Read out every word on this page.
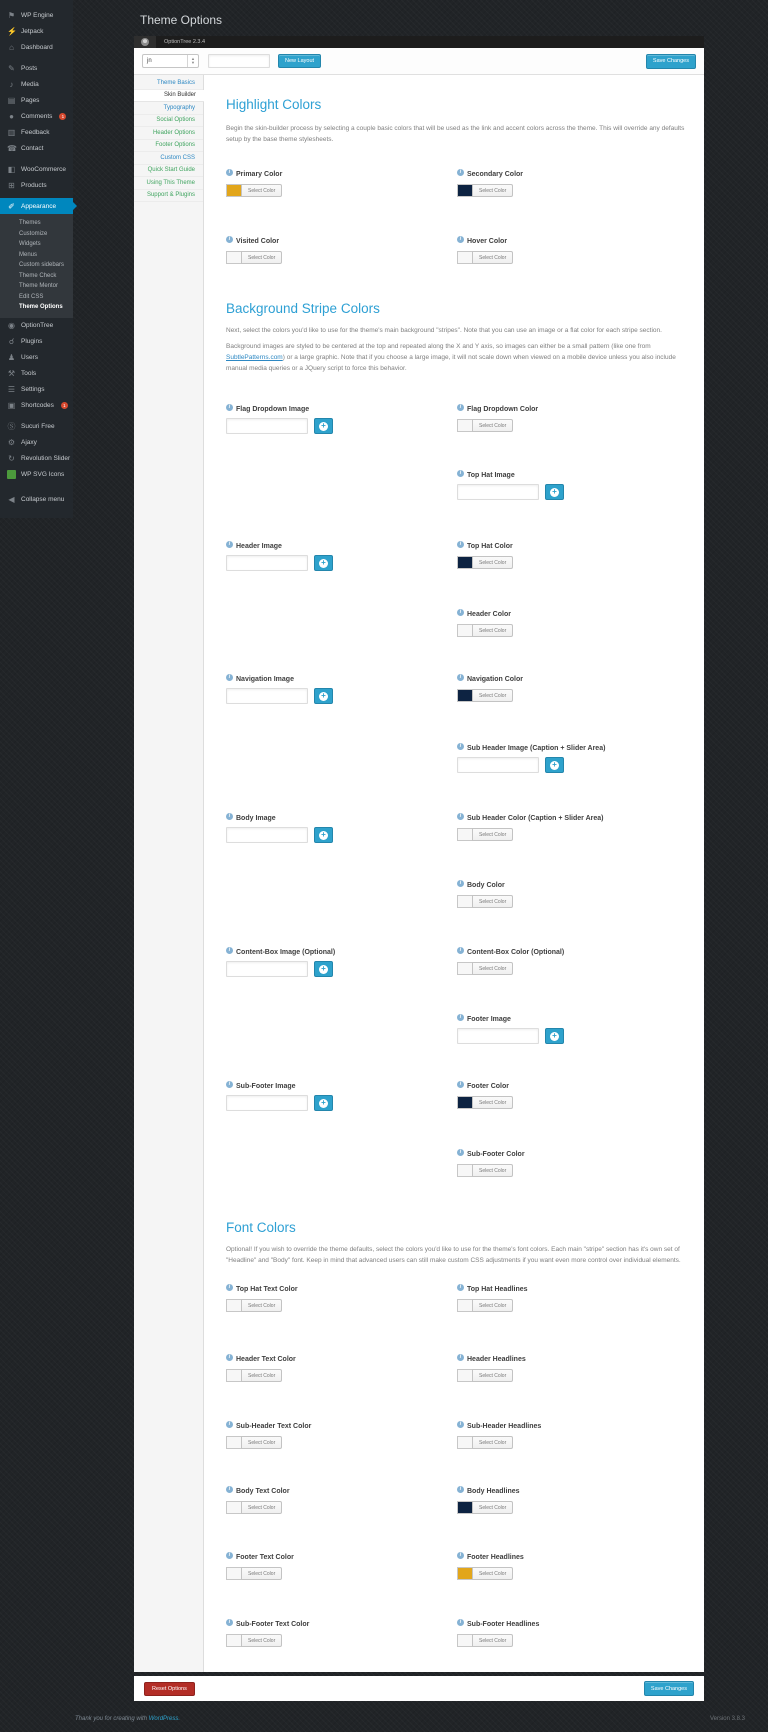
⚑ WP Engine
⚡ Jetpack
⌂	Dashboard
✎ Posts
♪	Media
▤ Pages
●	Comments	1
▥ Feedback
☎ Contact
◧ WooCommerce
⊞ Products
✐ Appearance
Themes
Customize
Widgets
Menus
Custom sidebars
Theme Check
Theme Mentor
Edit CSS
Theme Options
◉ OptionTree
☌ Plugins
♟ Users
⚒ Tools
☰ Settings
▣ Shortcodes	1
Ⓢ Sucuri Free
⚙ Ajaxy
↻ Revolution Slider
▬ WP SVG Icons
◀ Collapse menu
Theme Options
OptionTree 2.3.4
jn	▲
▼	New Layout	Save Changes
Theme Basics
Skin Builder
Typography
Social Options
Header Options
Footer Options
Custom CSS
Quick Start Guide
Using This Theme
Support & Plugins
Highlight Colors

Begin the skin-builder process by selecting a couple basic colors that will be used as the link and accent colors across the theme. This will override any defaults setup by the base theme stylesheets.

i Primary Color
Select Color
i Secondary Color
Select Color
i Visited Color
Select Color
i Hover Color
Select Color
Background Stripe Colors

Next, select the colors you'd like to use for the theme's main background "stripes". Note that you can use an image or a flat color for each stripe section.

Background images are styled to be centered at the top and repeated along the X and Y axis, so images can either be a small pattern (like one from SubtlePatterns.com) or a large graphic. Note that if you choose a large image, it will not scale down when viewed on a mobile device unless you also include manual media queries or a JQuery script to force this behavior.

i Flag Dropdown Image
+
i Flag Dropdown Color
Select Color
i Top Hat Image
+
i Header Image
+
i Top Hat Color
Select Color
i Header Color
Select Color
i Navigation Image
+
i Navigation Color
Select Color
i Sub Header Image (Caption + Slider Area)
+
i Body Image
+
i Sub Header Color (Caption + Slider Area)
Select Color
i Body Color
Select Color
i Content-Box Image (Optional)
+
i Content-Box Color (Optional)
Select Color
i Footer Image
+
i Sub-Footer Image
+
i Footer Color
Select Color
i Sub-Footer Color
Select Color
Font Colors

Optional! If you wish to override the theme defaults, select the colors you'd like to use for the theme's font colors. Each main "stripe" section has it's own set of "Headline" and "Body" font. Keep in mind that advanced users can still make custom CSS adjustments if you want even more control over individual elements.

i Top Hat Text Color
Select Color
i Top Hat Headlines
Select Color
i Header Text Color
Select Color
i Header Headlines
Select Color
i Sub-Header Text Color
Select Color
i Sub-Header Headlines
Select Color
i Body Text Color
Select Color
i Body Headlines
Select Color
i Footer Text Color
Select Color
i Footer Headlines
Select Color
i Sub-Footer Text Color
Select Color
i Sub-Footer Headlines
Select Color
Reset Options	Save Changes
Thank you for creating with WordPress.	Version 3.8.3
